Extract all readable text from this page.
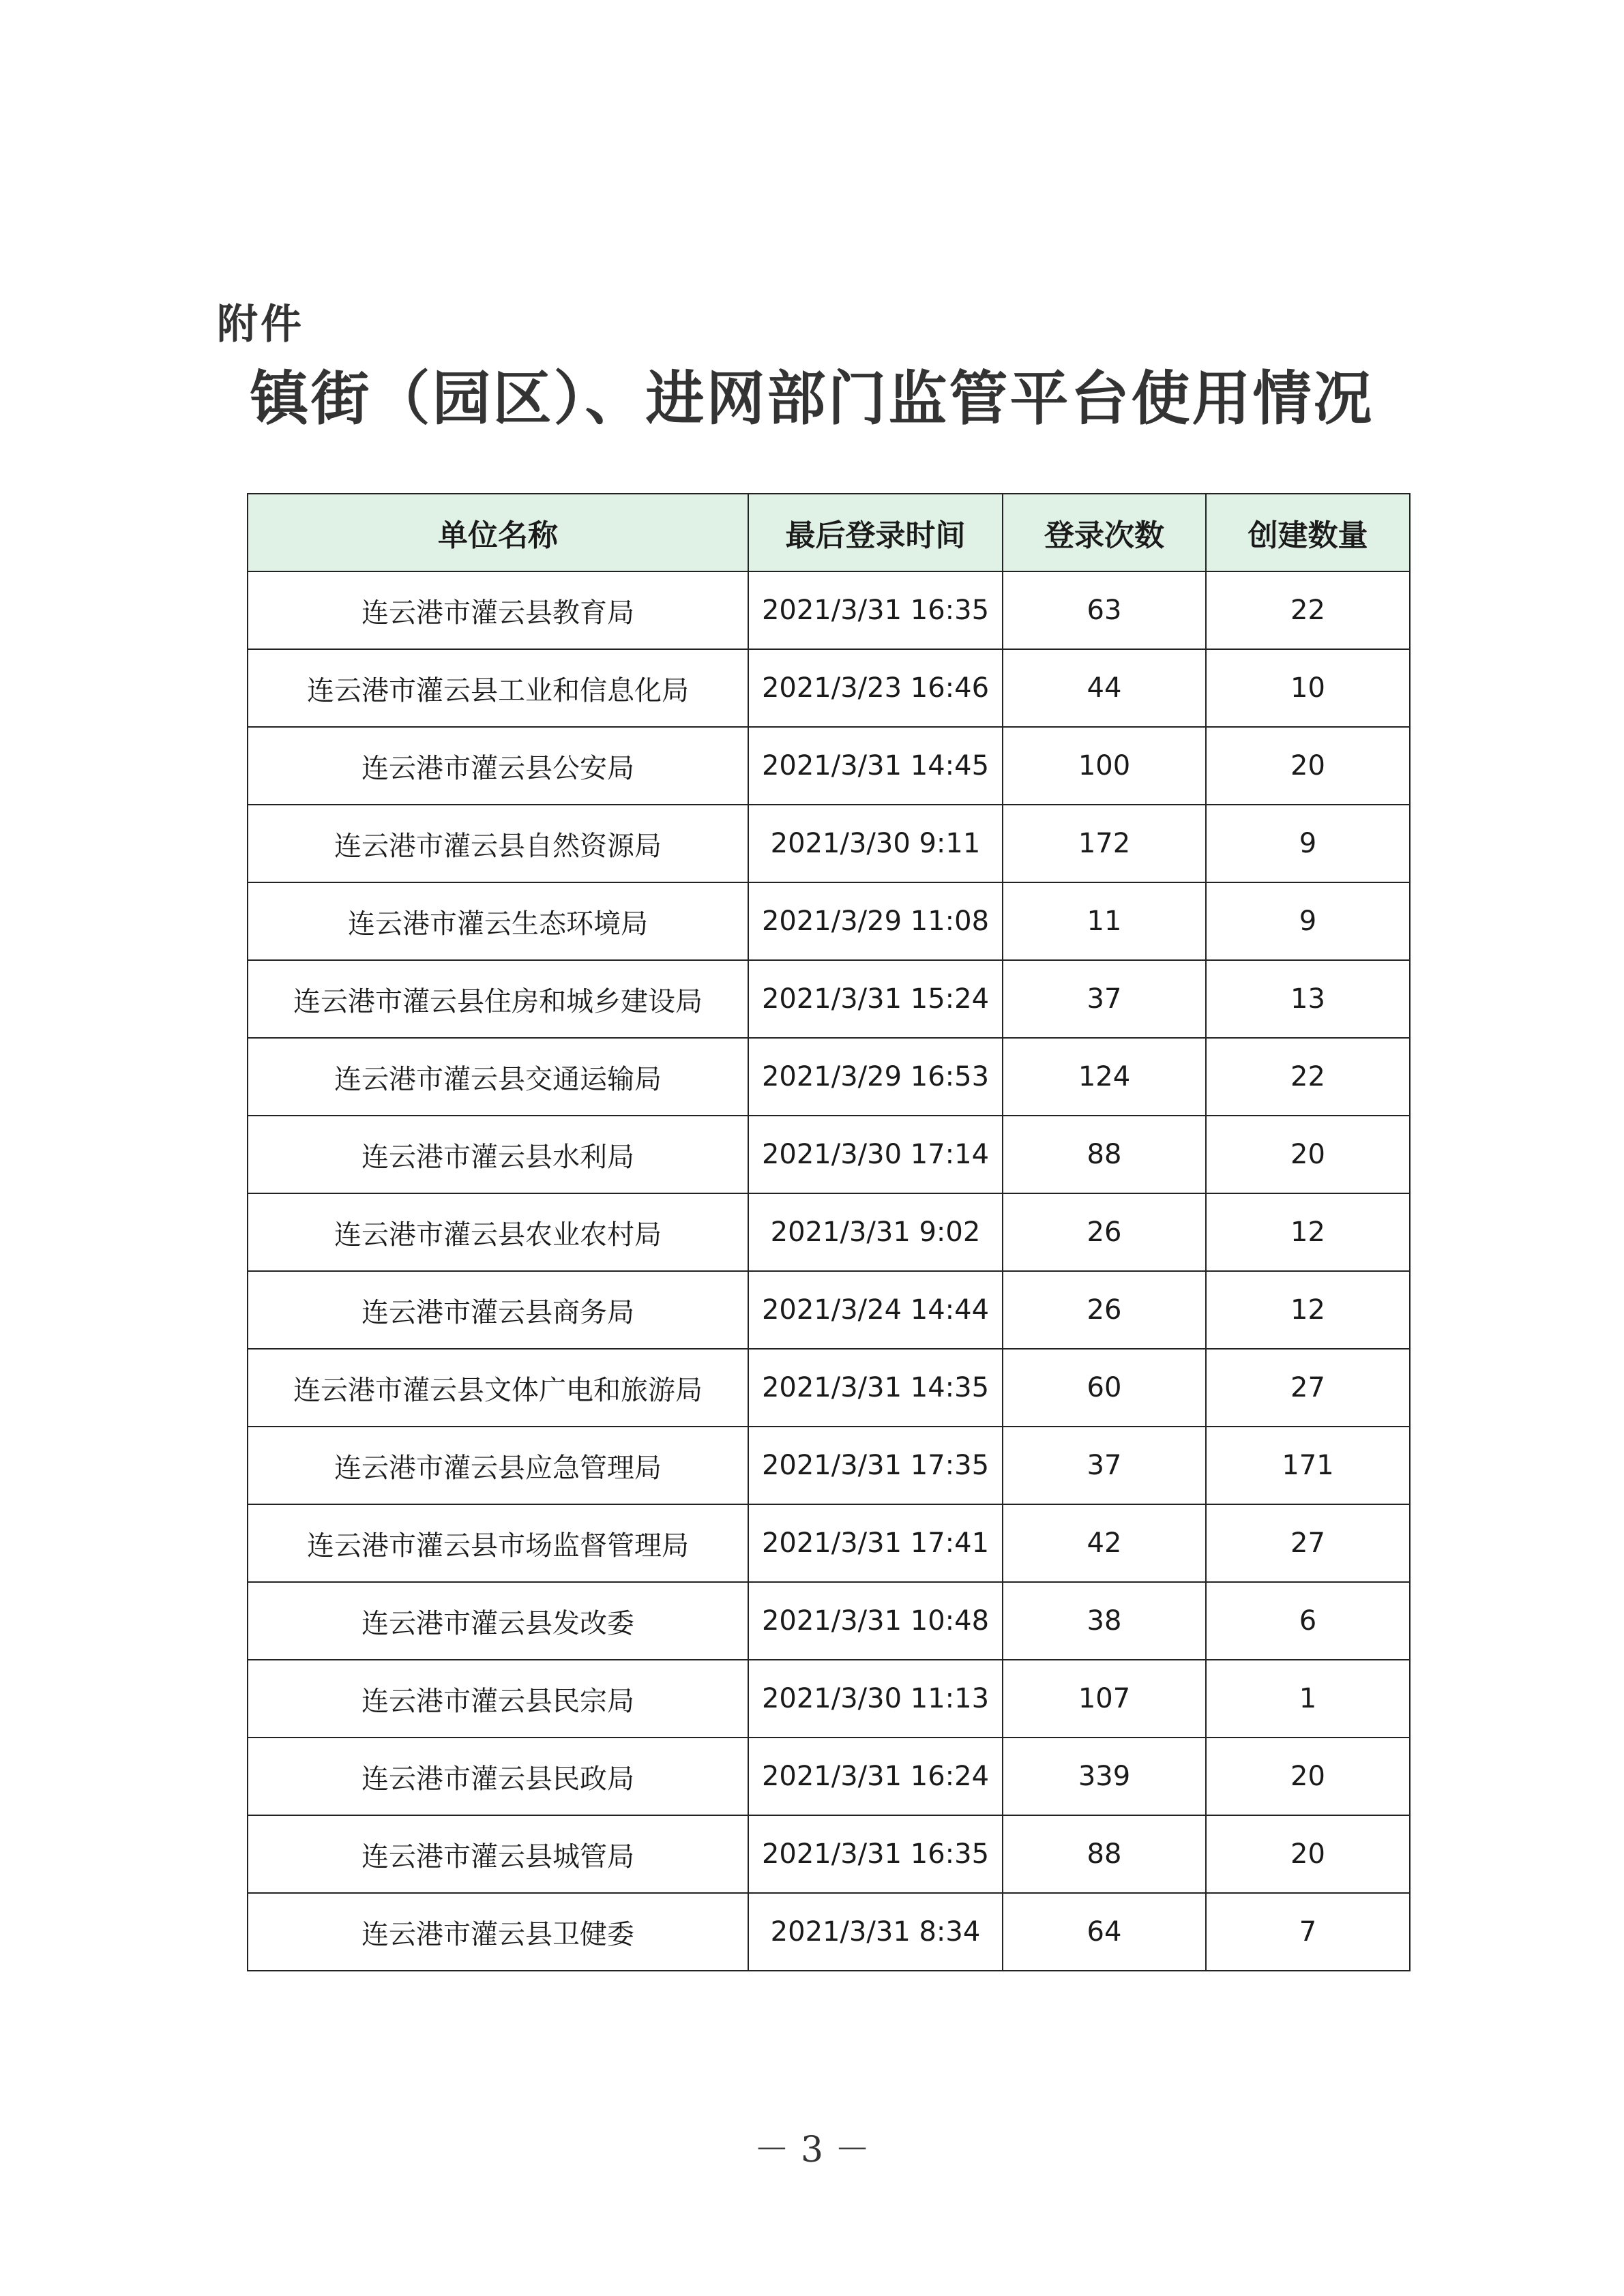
附件
镇街（园区）、进网部门监管平台使用情况
单位名称	最后登录时间	登录次数	创建数量
连云港市灌云县教育局	2021/3/31 16:35	63	22
连云港市灌云县工业和信息化局	2021/3/23 16:46	44	10
连云港市灌云县公安局	2021/3/31 14:45	100	20
连云港市灌云县自然资源局	2021/3/30 9:11	172	9
连云港市灌云生态环境局	2021/3/29 11:08	11	9
连云港市灌云县住房和城乡建设局	2021/3/31 15:24	37	13
连云港市灌云县交通运输局	2021/3/29 16:53	124	22
连云港市灌云县水利局	2021/3/30 17:14	88	20
连云港市灌云县农业农村局	2021/3/31 9:02	26	12
连云港市灌云县商务局	2021/3/24 14:44	26	12
连云港市灌云县文体广电和旅游局	2021/3/31 14:35	60	27
连云港市灌云县应急管理局	2021/3/31 17:35	37	171
连云港市灌云县市场监督管理局	2021/3/31 17:41	42	27
连云港市灌云县发改委	2021/3/31 10:48	38	6
连云港市灌云县民宗局	2021/3/30 11:13	107	1
连云港市灌云县民政局	2021/3/31 16:24	339	20
连云港市灌云县城管局	2021/3/31 16:35	88	20
连云港市灌云县卫健委	2021/3/31 8:34	64	7
－ 3 －
